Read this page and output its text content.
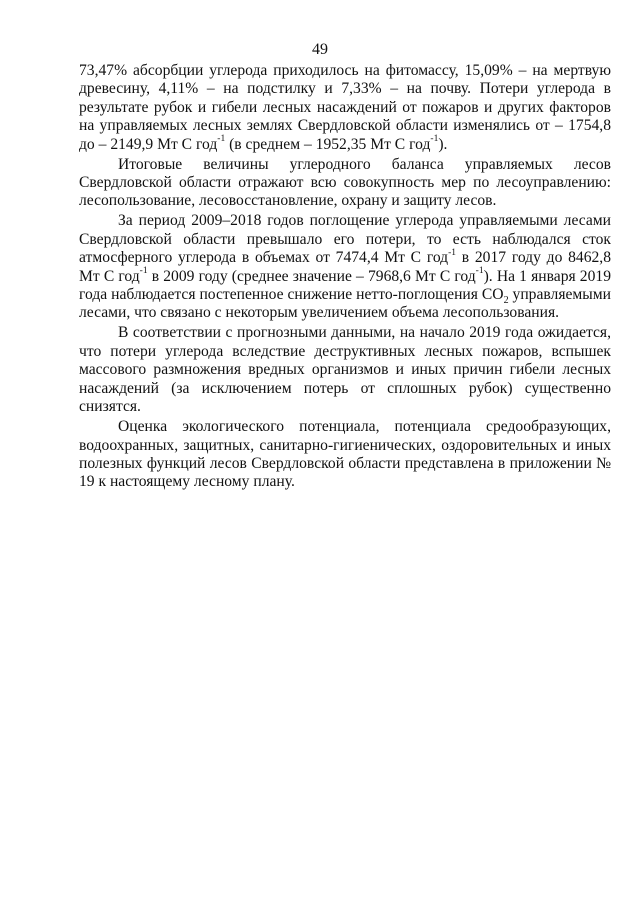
49

73,47% абсорбции углерода приходилось на фитомассу, 15,09% – на мертвую древесину, 4,11% – на подстилку и 7,33% – на почву. Потери углерода в результате рубок и гибели лесных насаждений от пожаров и других факторов на управляемых лесных землях Свердловской области изменялись от – 1754,8 до – 2149,9 Мт С год$^{-1}$ (в среднем – 1952,35 Мт С год$^{-1}$).

Итоговые величины углеродного баланса управляемых лесов Свердловской области отражают всю совокупность мер по лесоуправлению: лесопользование, лесовосстановление, охрану и защиту лесов.

За период 2009–2018 годов поглощение углерода управляемыми лесами Свердловской области превышало его потери, то есть наблюдался сток атмосферного углерода в объемах от 7474,4 Мт С год$^{-1}$ в 2017 году до 8462,8 Мт С год$^{-1}$ в 2009 году (среднее значение – 7968,6 Мт С год$^{-1}$). На 1 января 2019 года наблюдается постепенное снижение нетто-поглощения $СО_2$ управляемыми лесами, что связано с некоторым увеличением объема лесопользования.

В соответствии с прогнозными данными, на начало 2019 года ожидается, что потери углерода вследствие деструктивных лесных пожаров, вспышек массового размножения вредных организмов и иных причин гибели лесных насаждений (за исключением потерь от сплошных рубок) существенно снизятся.

Оценка экологического потенциала, потенциала средообразующих, водоохранных, защитных, санитарно-гигиенических, оздоровительных и иных полезных функций лесов Свердловской области представлена в приложении № 19 к настоящему лесному плану.
